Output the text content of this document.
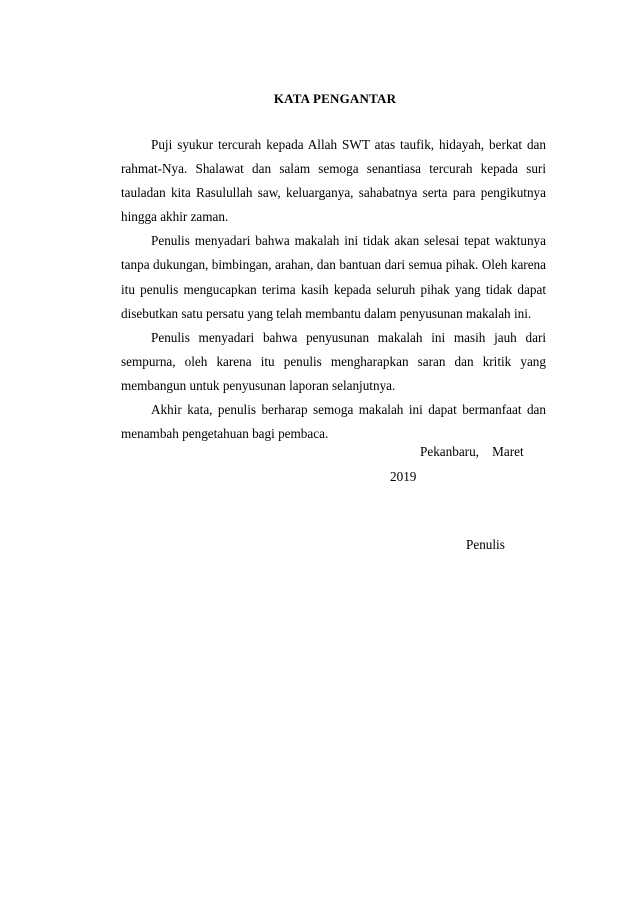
KATA PENGANTAR

Puji syukur tercurah kepada Allah SWT atas taufik, hidayah, berkat dan rahmat-Nya. Shalawat dan salam semoga senantiasa tercurah kepada suri tauladan kita Rasulullah saw, keluarganya, sahabatnya serta para pengikutnya hingga akhir zaman.

Penulis menyadari bahwa makalah ini tidak akan selesai tepat waktunya tanpa dukungan, bimbingan, arahan, dan bantuan dari semua pihak. Oleh karena itu penulis mengucapkan terima kasih kepada seluruh pihak yang tidak dapat disebutkan satu persatu yang telah membantu dalam penyusunan makalah ini.

Penulis menyadari bahwa penyusunan makalah ini masih jauh dari sempurna, oleh karena itu penulis mengharapkan saran dan kritik yang membangun untuk penyusunan laporan selanjutnya.

Akhir kata, penulis berharap semoga makalah ini dapat bermanfaat dan menambah pengetahuan bagi pembaca.

Pekanbaru,    Maret
2019
Penulis
